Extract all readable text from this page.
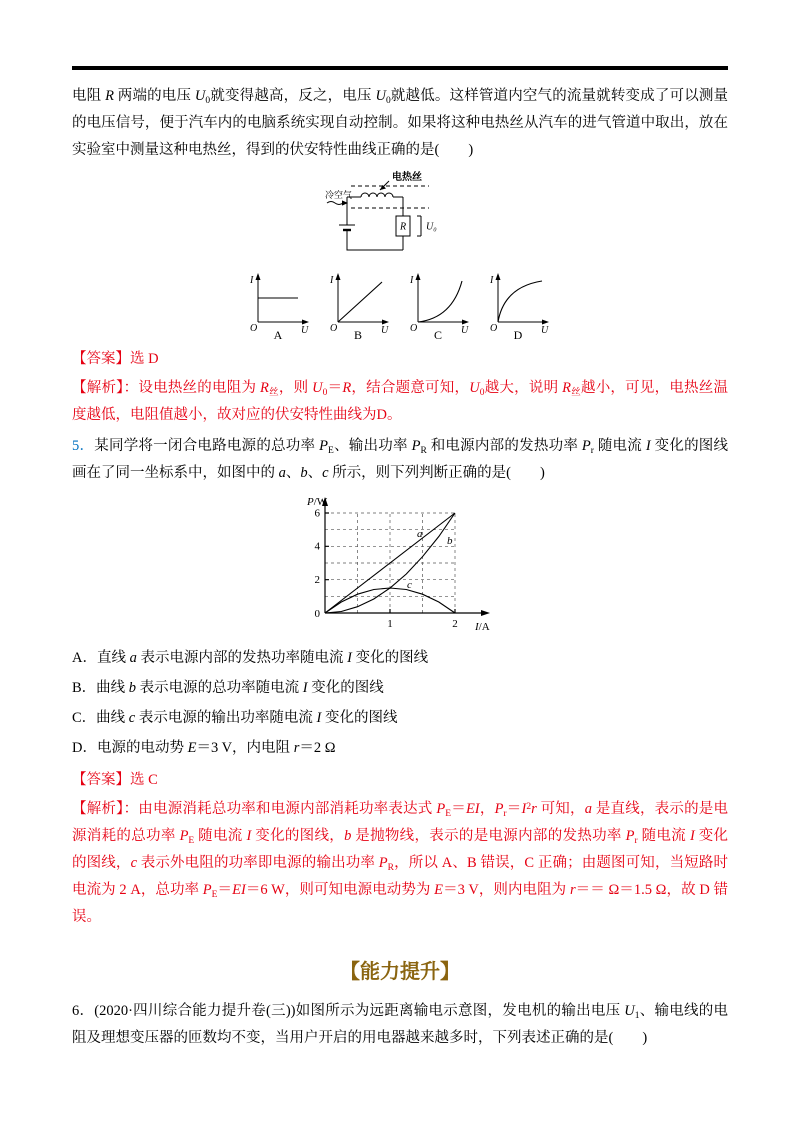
电阻 R 两端的电压 $U_0$就变得越高，反之，电压 $U_0$就越低。这样管道内空气的流量就转变成了可以测量的电压信号，便于汽车内的电脑系统实现自动控制。如果将这种电热丝从汽车的进气管道中取出，放在实验室中测量这种电热丝，得到的伏安特性曲线正确的是(　　)

电热丝
冷空气
R U₀
I
U
O A
I
U
O B
I
U
O C
I
U
O D

【答案】选 D

【解析】：设电热丝的电阻为 $R_丝$，则 $U_0=R$，结合题意可知，$U_0$越大，说明 $R_丝$越小，可见，电热丝温度越低，电阻值越小，故对应的伏安特性曲线为D。

5．某同学将一闭合电路电源的总功率 $P_E$、输出功率 $P_R$ 和电源内部的发热功率 $P_r$ 随电流 I 变化的图线画在了同一坐标系中，如图中的 a、b、c 所示，则下列判断正确的是(　　)

P/W
I/A
0
2
4
6
1	2
a
b
c

A．直线 a 表示电源内部的发热功率随电流 I 变化的图线

B．曲线 b 表示电源的总功率随电流 I 变化的图线

C．曲线 c 表示电源的输出功率随电流 I 变化的图线

D．电源的电动势 E＝3 V，内电阻 r＝2 Ω

【答案】选 C

【解析】：由电源消耗总功率和电源内部消耗功率表达式 $P_E=EI$，$P_r=I^2r$ 可知，a 是直线，表示的是电源消耗的总功率 $P_E$ 随电流 I 变化的图线，b 是抛物线，表示的是电源内部的发热功率 $P_r$ 随电流 I 变化的图线，c 表示外电阻的功率即电源的输出功率 $P_R$，所以 A、B 错误，C 正确；由题图可知，当短路时电流为 2 A，总功率 $P_E=EI=6$ W，则可知电源电动势为 E＝3 V，则内电阻为 r＝＝ Ω＝1.5 Ω，故 D 错误。

【能力提升】

6．(2020·四川综合能力提升卷(三))如图所示为远距离输电示意图，发电机的输出电压 $U_1$、输电线的电阻及理想变压器的匝数均不变，当用户开启的用电器越来越多时，下列表述正确的是(　　)
